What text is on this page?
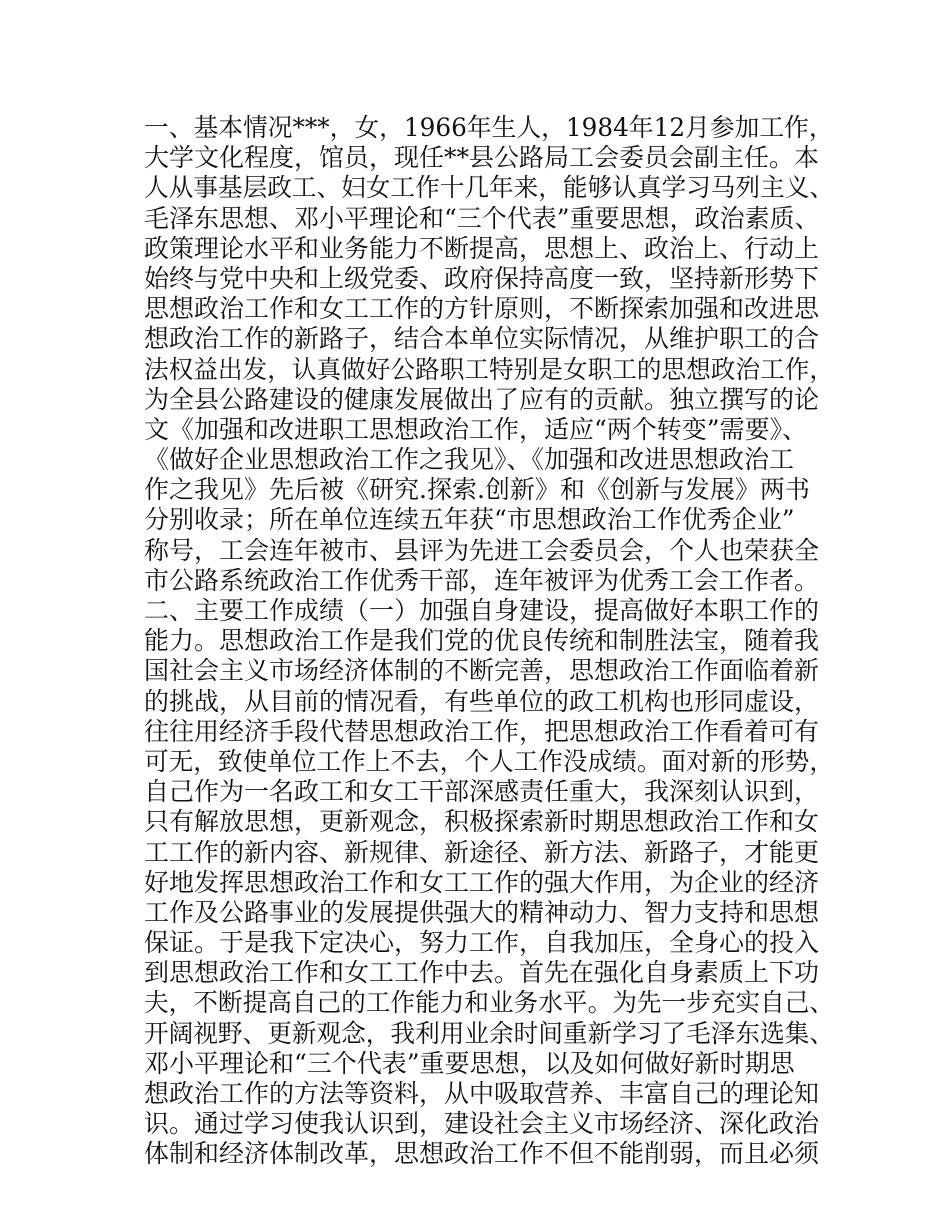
一、基本情况***，女，1966年生人，1984年12月参加工作，
大学文化程度，馆员，现任**县公路局工会委员会副主任。本
人从事基层政工、妇女工作十几年来，能够认真学习马列主义、
毛泽东思想、邓小平理论和“三个代表”重要思想，政治素质、
政策理论水平和业务能力不断提高，思想上、政治上、行动上
始终与党中央和上级党委、政府保持高度一致，坚持新形势下
思想政治工作和女工工作的方针原则，不断探索加强和改进思
想政治工作的新路子，结合本单位实际情况，从维护职工的合
法权益出发，认真做好公路职工特别是女职工的思想政治工作，
为全县公路建设的健康发展做出了应有的贡献。独立撰写的论
文《加强和改进职工思想政治工作，适应“两个转变”需要》、
《做好企业思想政治工作之我见》、《加强和改进思想政治工
作之我见》先后被《研究.探索.创新》和《创新与发展》两书
分别收录；所在单位连续五年获“市思想政治工作优秀企业”
称号，工会连年被市、县评为先进工会委员会，个人也荣获全
市公路系统政治工作优秀干部，连年被评为优秀工会工作者。
二、主要工作成绩（一）加强自身建设，提高做好本职工作的
能力。思想政治工作是我们党的优良传统和制胜法宝，随着我
国社会主义市场经济体制的不断完善，思想政治工作面临着新
的挑战，从目前的情况看，有些单位的政工机构也形同虚设，
往往用经济手段代替思想政治工作，把思想政治工作看着可有
可无，致使单位工作上不去，个人工作没成绩。面对新的形势，
自己作为一名政工和女工干部深感责任重大，我深刻认识到，
只有解放思想，更新观念，积极探索新时期思想政治工作和女
工工作的新内容、新规律、新途径、新方法、新路子，才能更
好地发挥思想政治工作和女工工作的强大作用，为企业的经济
工作及公路事业的发展提供强大的精神动力、智力支持和思想
保证。于是我下定决心，努力工作，自我加压，全身心的投入
到思想政治工作和女工工作中去。首先在强化自身素质上下功
夫，不断提高自己的工作能力和业务水平。为先一步充实自己、
开阔视野、更新观念，我利用业余时间重新学习了毛泽东选集、
邓小平理论和“三个代表”重要思想，以及如何做好新时期思
想政治工作的方法等资料，从中吸取营养、丰富自己的理论知
识。通过学习使我认识到，建设社会主义市场经济、深化政治
体制和经济体制改革，思想政治工作不但不能削弱，而且必须
